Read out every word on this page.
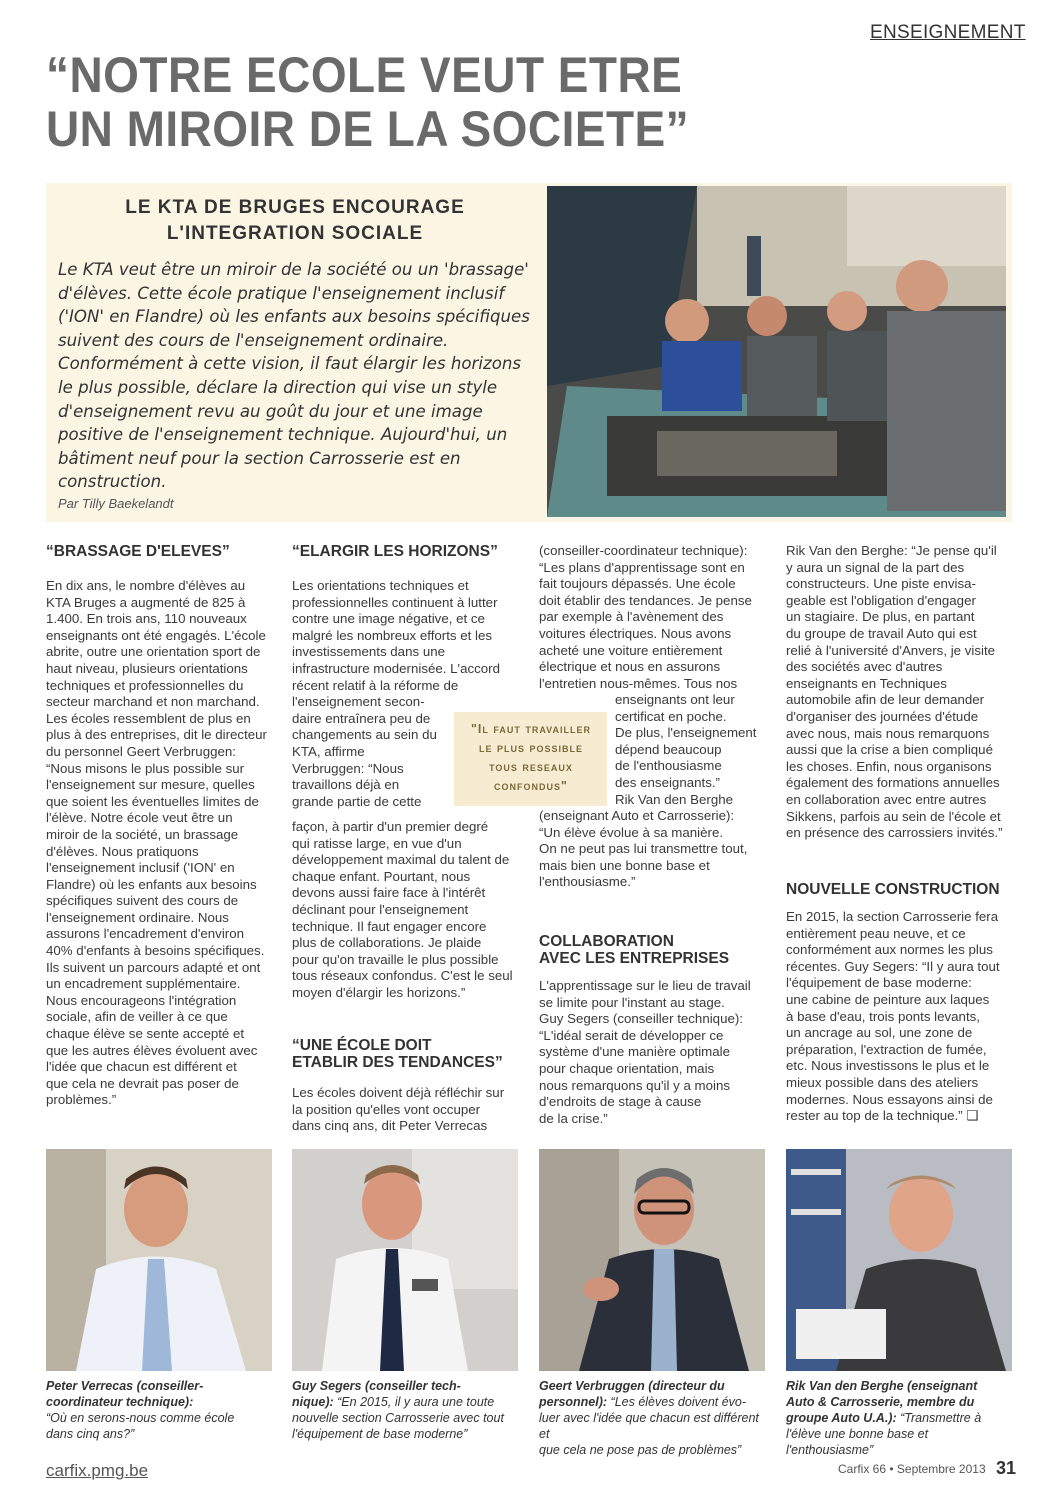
ENSEIGNEMENT
“NOTRE ECOLE VEUT ETRE
UN MIROIR DE LA SOCIETE”
LE KTA DE BRUGES ENCOURAGE
L'INTEGRATION SOCIALE
Le KTA veut être un miroir de la société ou un 'brassage' d'élèves. Cette école pratique l'enseignement inclusif ('ION' en Flandre) où les enfants aux besoins spécifiques suivent des cours de l'enseignement ordinaire. Conformément à cette vision, il faut élargir les horizons le plus possible, déclare la direction qui vise un style d'enseignement revu au goût du jour et une image positive de l'enseignement technique. Aujourd'hui, un bâtiment neuf pour la section Carrosserie est en construction.
Par Tilly Baekelandt
“BRASSAGE D'ELEVES”
En dix ans, le nombre d'élèves au
KTA Bruges a augmenté de 825 à
1.400. En trois ans, 110 nouveaux
enseignants ont été engagés. L'école
abrite, outre une orientation sport de
haut niveau, plusieurs orientations
techniques et professionnelles du
secteur marchand et non marchand.
Les écoles ressemblent de plus en
plus à des entreprises, dit le directeur
du personnel Geert Verbruggen:
“Nous misons le plus possible sur
l'enseignement sur mesure, quelles
que soient les éventuelles limites de
l'élève. Notre école veut être un
miroir de la société, un brassage
d'élèves. Nous pratiquons
l'enseignement inclusif ('ION' en
Flandre) où les enfants aux besoins
spécifiques suivent des cours de
l'enseignement ordinaire. Nous
assurons l'encadrement d'environ
40% d'enfants à besoins spécifiques.
Ils suivent un parcours adapté et ont
un encadrement supplémentaire.
Nous encourageons l'intégration
sociale, afin de veiller à ce que
chaque élève se sente accepté et
que les autres élèves évoluent avec
l'idée que chacun est différent et
que cela ne devrait pas poser de
problèmes.”
“ELARGIR LES HORIZONS”
Les orientations techniques et
professionnelles continuent à lutter
contre une image négative, et ce
malgré les nombreux efforts et les
investissements dans une
infrastructure modernisée. L'accord
récent relatif à la réforme de
l'enseignement secon-
daire entraînera peu de
changements au sein du
KTA, affirme
Verbruggen: “Nous
travaillons déjà en
grande partie de cette
façon, à partir d'un premier degré
qui ratisse large, en vue d'un
développement maximal du talent de
chaque enfant. Pourtant, nous
devons aussi faire face à l'intérêt
déclinant pour l'enseignement
technique. Il faut engager encore
plus de collaborations. Je plaide
pour qu'on travaille le plus possible
tous réseaux confondus. C'est le seul
moyen d'élargir les horizons.”
“UNE ÉCOLE DOIT
ETABLIR DES TENDANCES”
Les écoles doivent déjà réfléchir sur
la position qu'elles vont occuper
dans cinq ans, dit Peter Verrecas
"Il faut travailler
le plus possible
tous reseaux
confondus"
(conseiller-coordinateur technique):
“Les plans d'apprentissage sont en
fait toujours dépassés. Une école
doit établir des tendances. Je pense
par exemple à l'avènement des
voitures électriques. Nous avons
acheté une voiture entièrement
électrique et nous en assurons
l'entretien nous-mêmes. Tous nos
enseignants ont leur
certificat en poche.
De plus, l'enseignement
dépend beaucoup
de l'enthousiasme
des enseignants.”
Rik Van den Berghe
(enseignant Auto et Carrosserie):
“Un élève évolue à sa manière.
On ne peut pas lui transmettre tout,
mais bien une bonne base et
l'enthousiasme.”
COLLABORATION
AVEC LES ENTREPRISES
L'apprentissage sur le lieu de travail
se limite pour l'instant au stage.
Guy Segers (conseiller technique):
“L'idéal serait de développer ce
système d'une manière optimale
pour chaque orientation, mais
nous remarquons qu'il y a moins
d'endroits de stage à cause
de la crise.”
Rik Van den Berghe: “Je pense qu'il
y aura un signal de la part des
constructeurs. Une piste envisa-
geable est l'obligation d'engager
un stagiaire. De plus, en partant
du groupe de travail Auto qui est
relié à l'université d'Anvers, je visite
des sociétés avec d'autres
enseignants en Techniques
automobile afin de leur demander
d'organiser des journées d'étude
avec nous, mais nous remarquons
aussi que la crise a bien compliqué
les choses. Enfin, nous organisons
également des formations annuelles
en collaboration avec entre autres
Sikkens, parfois au sein de l'école et
en présence des carrossiers invités.”
NOUVELLE CONSTRUCTION
En 2015, la section Carrosserie fera
entièrement peau neuve, et ce
conformément aux normes les plus
récentes. Guy Segers: “Il y aura tout
l'équipement de base moderne:
une cabine de peinture aux laques
à base d'eau, trois ponts levants,
un ancrage au sol, une zone de
préparation, l'extraction de fumée,
etc. Nous investissons le plus et le
mieux possible dans des ateliers
modernes. Nous essayons ainsi de
rester au top de la technique.” ❑
Peter Verrecas (conseiller-
coordinateur technique):
“Où en serons-nous comme école
dans cinq ans?”
Guy Segers (conseiller tech-
nique): “En 2015, il y aura une toute
nouvelle section Carrosserie avec tout
l'équipement de base moderne”
Geert Verbruggen (directeur du
personnel): “Les élèves doivent évo-
luer avec l'idée que chacun est différent et
que cela ne pose pas de problèmes”
Rik Van den Berghe (enseignant
Auto & Carrosserie, membre du
groupe Auto U.A.): “Transmettre à
l'élève une bonne base et l'enthousiasme”
carfix.pmg.be	Carfix 66 • Septembre 2013 31
